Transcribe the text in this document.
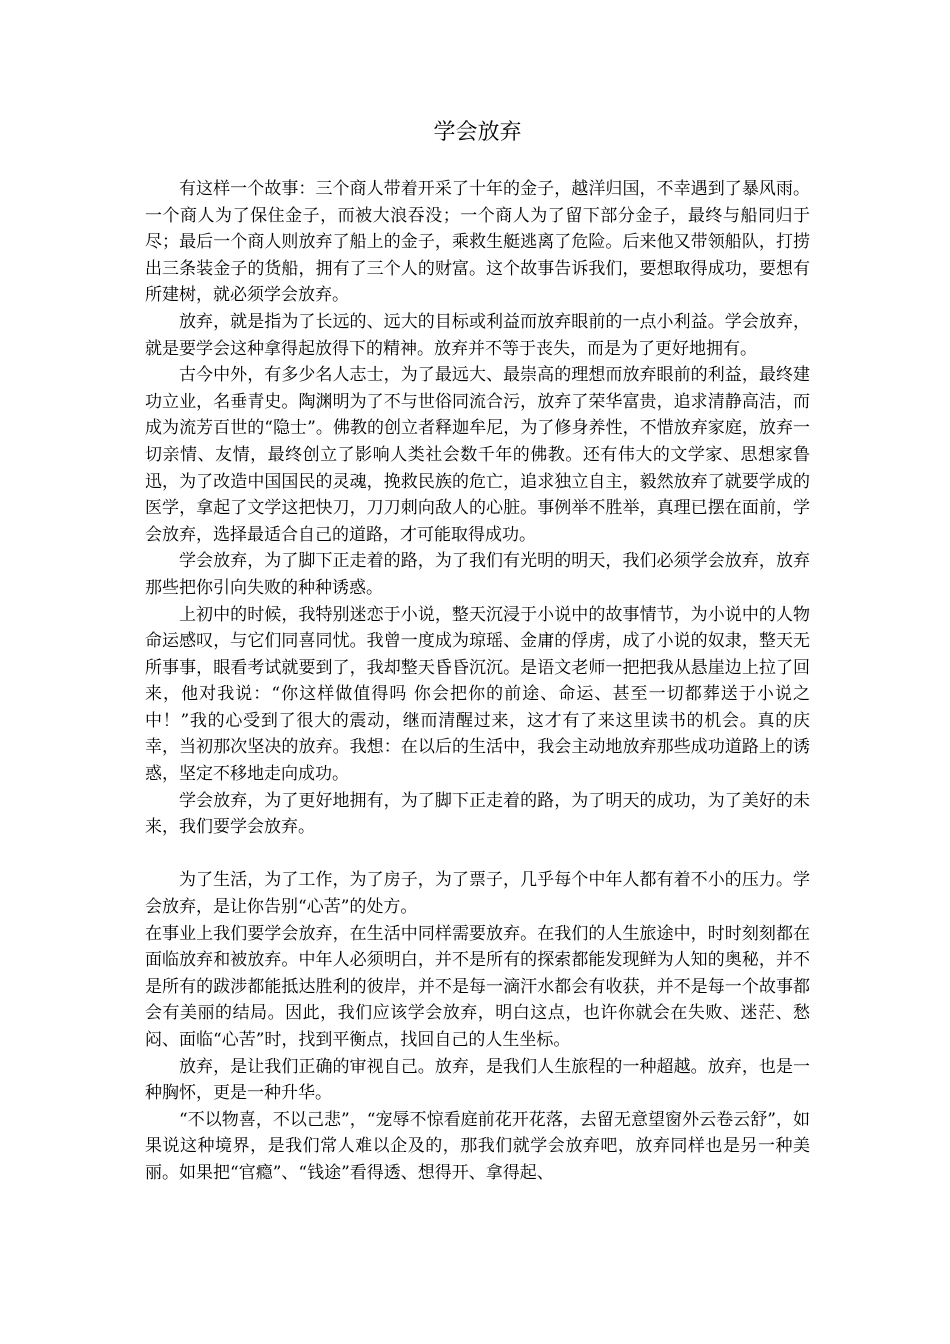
学会放弃

有这样一个故事：三个商人带着开采了十年的金子，越洋归国，不幸遇到了暴风雨。一个商人为了保住金子，而被大浪吞没；一个商人为了留下部分金子，最终与船同归于尽；最后一个商人则放弃了船上的金子，乘救生艇逃离了危险。后来他又带领船队，打捞出三条装金子的货船，拥有了三个人的财富。这个故事告诉我们，要想取得成功，要想有所建树，就必须学会放弃。

放弃，就是指为了长远的、远大的目标或利益而放弃眼前的一点小利益。学会放弃，就是要学会这种拿得起放得下的精神。放弃并不等于丧失，而是为了更好地拥有。

古今中外，有多少名人志士，为了最远大、最崇高的理想而放弃眼前的利益，最终建功立业，名垂青史。陶渊明为了不与世俗同流合污，放弃了荣华富贵，追求清静高洁，而成为流芳百世的“隐士”。佛教的创立者释迦牟尼，为了修身养性，不惜放弃家庭，放弃一切亲情、友情，最终创立了影响人类社会数千年的佛教。还有伟大的文学家、思想家鲁迅，为了改造中国国民的灵魂，挽救民族的危亡，追求独立自主，毅然放弃了就要学成的医学，拿起了文学这把快刀，刀刀刺向敌人的心脏。事例举不胜举，真理已摆在面前，学会放弃，选择最适合自己的道路，才可能取得成功。

学会放弃，为了脚下正走着的路，为了我们有光明的明天，我们必须学会放弃，放弃那些把你引向失败的种种诱惑。

上初中的时候，我特别迷恋于小说，整天沉浸于小说中的故事情节，为小说中的人物命运感叹，与它们同喜同忧。我曾一度成为琼瑶、金庸的俘虏，成了小说的奴隶，整天无所事事，眼看考试就要到了，我却整天昏昏沉沉。是语文老师一把把我从悬崖边上拉了回来，他对我说：“你这样做值得吗 你会把你的前途、命运、甚至一切都葬送于小说之中！”我的心受到了很大的震动，继而清醒过来，这才有了来这里读书的机会。真的庆幸，当初那次坚决的放弃。我想：在以后的生活中，我会主动地放弃那些成功道路上的诱惑，坚定不移地走向成功。

学会放弃，为了更好地拥有，为了脚下正走着的路，为了明天的成功，为了美好的未来，我们要学会放弃。

为了生活，为了工作，为了房子，为了票子，几乎每个中年人都有着不小的压力。学会放弃，是让你告别“心苦”的处方。

在事业上我们要学会放弃，在生活中同样需要放弃。在我们的人生旅途中，时时刻刻都在面临放弃和被放弃。中年人必须明白，并不是所有的探索都能发现鲜为人知的奥秘，并不是所有的跋涉都能抵达胜利的彼岸，并不是每一滴汗水都会有收获，并不是每一个故事都会有美丽的结局。因此，我们应该学会放弃，明白这点，也许你就会在失败、迷茫、愁闷、面临“心苦”时，找到平衡点，找回自己的人生坐标。

放弃，是让我们正确的审视自己。放弃，是我们人生旅程的一种超越。放弃，也是一种胸怀，更是一种升华。

“不以物喜，不以己悲”，“宠辱不惊看庭前花开花落，去留无意望窗外云卷云舒”，如果说这种境界，是我们常人难以企及的，那我们就学会放弃吧，放弃同样也是另一种美丽。如果把“官瘾”、“钱途”看得透、想得开、拿得起、
